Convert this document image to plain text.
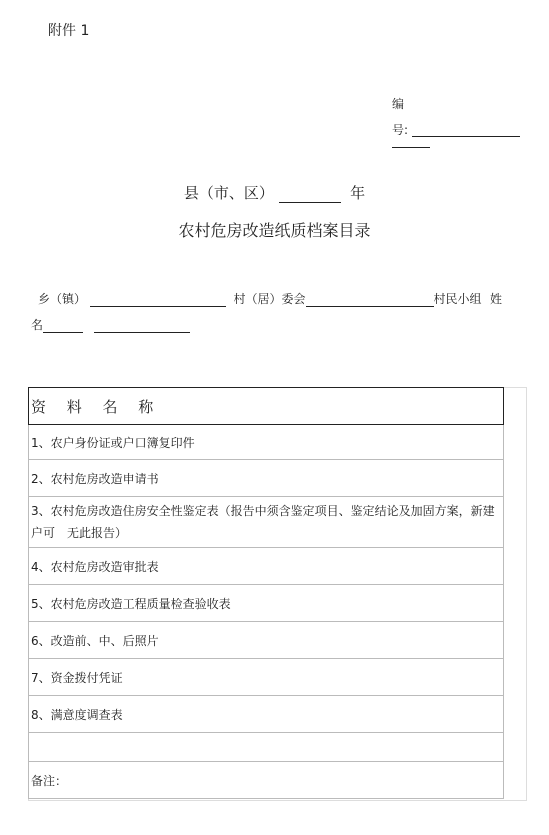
附件 1
编
号:
县（市、区）	年
农村危房改造纸质档案目录
乡（镇）	村（居）委会	村民小组 姓
名
资 料 名 称
1、农户身份证或户口簿复印件
2、农村危房改造申请书
3、农村危房改造住房安全性鉴定表（报告中须含鉴定项目、鉴定结论及加固方案，新建户可　无此报告）
4、农村危房改造审批表
5、农村危房改造工程质量检查验收表
6、改造前、中、后照片
7、资金拨付凭证
8、满意度调查表

备注：
